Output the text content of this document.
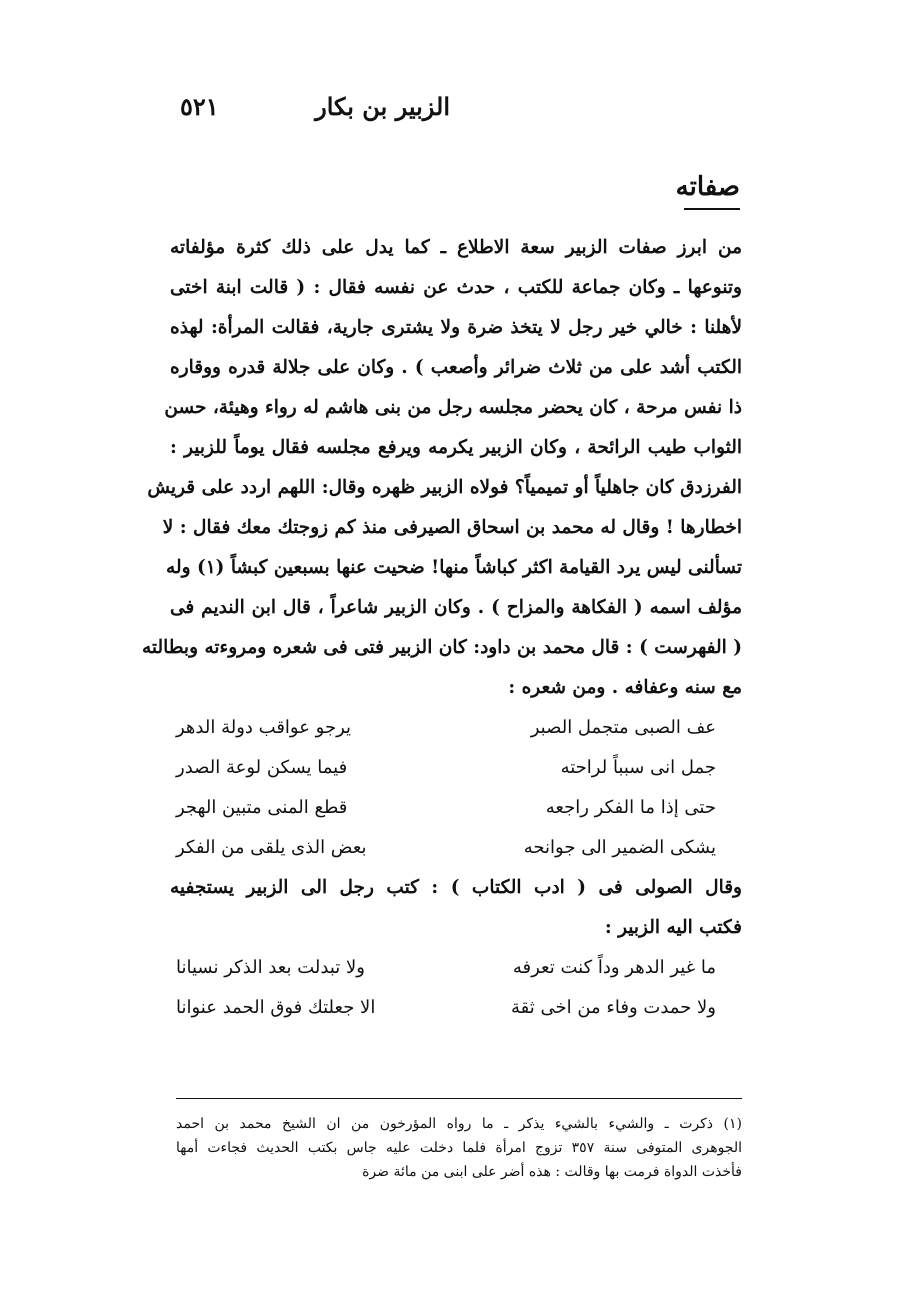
الزبير بن بكار
٥٢١
صفاته
من ابرز صفات الزبير سعة الاطلاع ـ كما يدل على ذلك كثرة مؤلفاته
وتنوعها ـ وكان جماعة للكتب ، حدث عن نفسه فقال : ( قالت ابنة اختى
لأهلنا : خالي خير رجل لا يتخذ ضرة ولا يشترى جارية، فقالت المرأة: لهذه
الكتب أشد على من ثلاث ضرائر وأصعب ) . وكان على جلالة قدره ووقاره
ذا نفس مرحة ، كان يحضر مجلسه رجل من بنى هاشم له رواء وهيئة، حسن
الثواب طيب الرائحة ، وكان الزبير يكرمه ويرفع مجلسه فقال يوماً للزبير :
الفرزدق كان جاهلياً أو تميمياً؟ فولاه الزبير ظهره وقال: اللهم اردد على قريش
اخطارها ! وقال له محمد بن اسحاق الصيرفى منذ كم زوجتك معك فقال : لا
تسألنى ليس يرد القيامة اكثر كباشاً منها! ضحيت عنها بسبعين كبشاً (١) وله
مؤلف اسمه ( الفكاهة والمزاح ) . وكان الزبير شاعراً ، قال ابن النديم فى
( الفهرست ) : قال محمد بن داود: كان الزبير فتى فى شعره ومروءته وبطالته
مع سنه وعفافه . ومن شعره :
عف الصبى متجمل الصبر
يرجو عواقب دولة الدهر
جمل انى سبباً لراحته
فيما يسكن لوعة الصدر
حتى إذا ما الفكر راجعه
قطع المنى متبين الهجر
يشكى الضمير الى جوانحه
بعض الذى يلقى من الفكر
وقال الصولى فى ( ادب الكتاب ) : كتب رجل الى الزبير يستجفيه
فكتب اليه الزبير :
ما غير الدهر وداً كنت تعرفه
ولا تبدلت بعد الذكر نسيانا
ولا حمدت وفاء من اخى ثقة
الا جعلتك فوق الحمد عنوانا
(١) ذكرت ـ والشيء بالشيء يذكر ـ ما رواه المؤرخون من ان الشيخ محمد بن احمد
الجوهرى المتوفى سنة ٣٥٧ تزوج امرأة فلما دخلت عليه جاس بكتب الحديث فجاءت أمها
فأخذت الدواة فرمت بها وقالت : هذه أضر على ابنى من مائة ضرة
